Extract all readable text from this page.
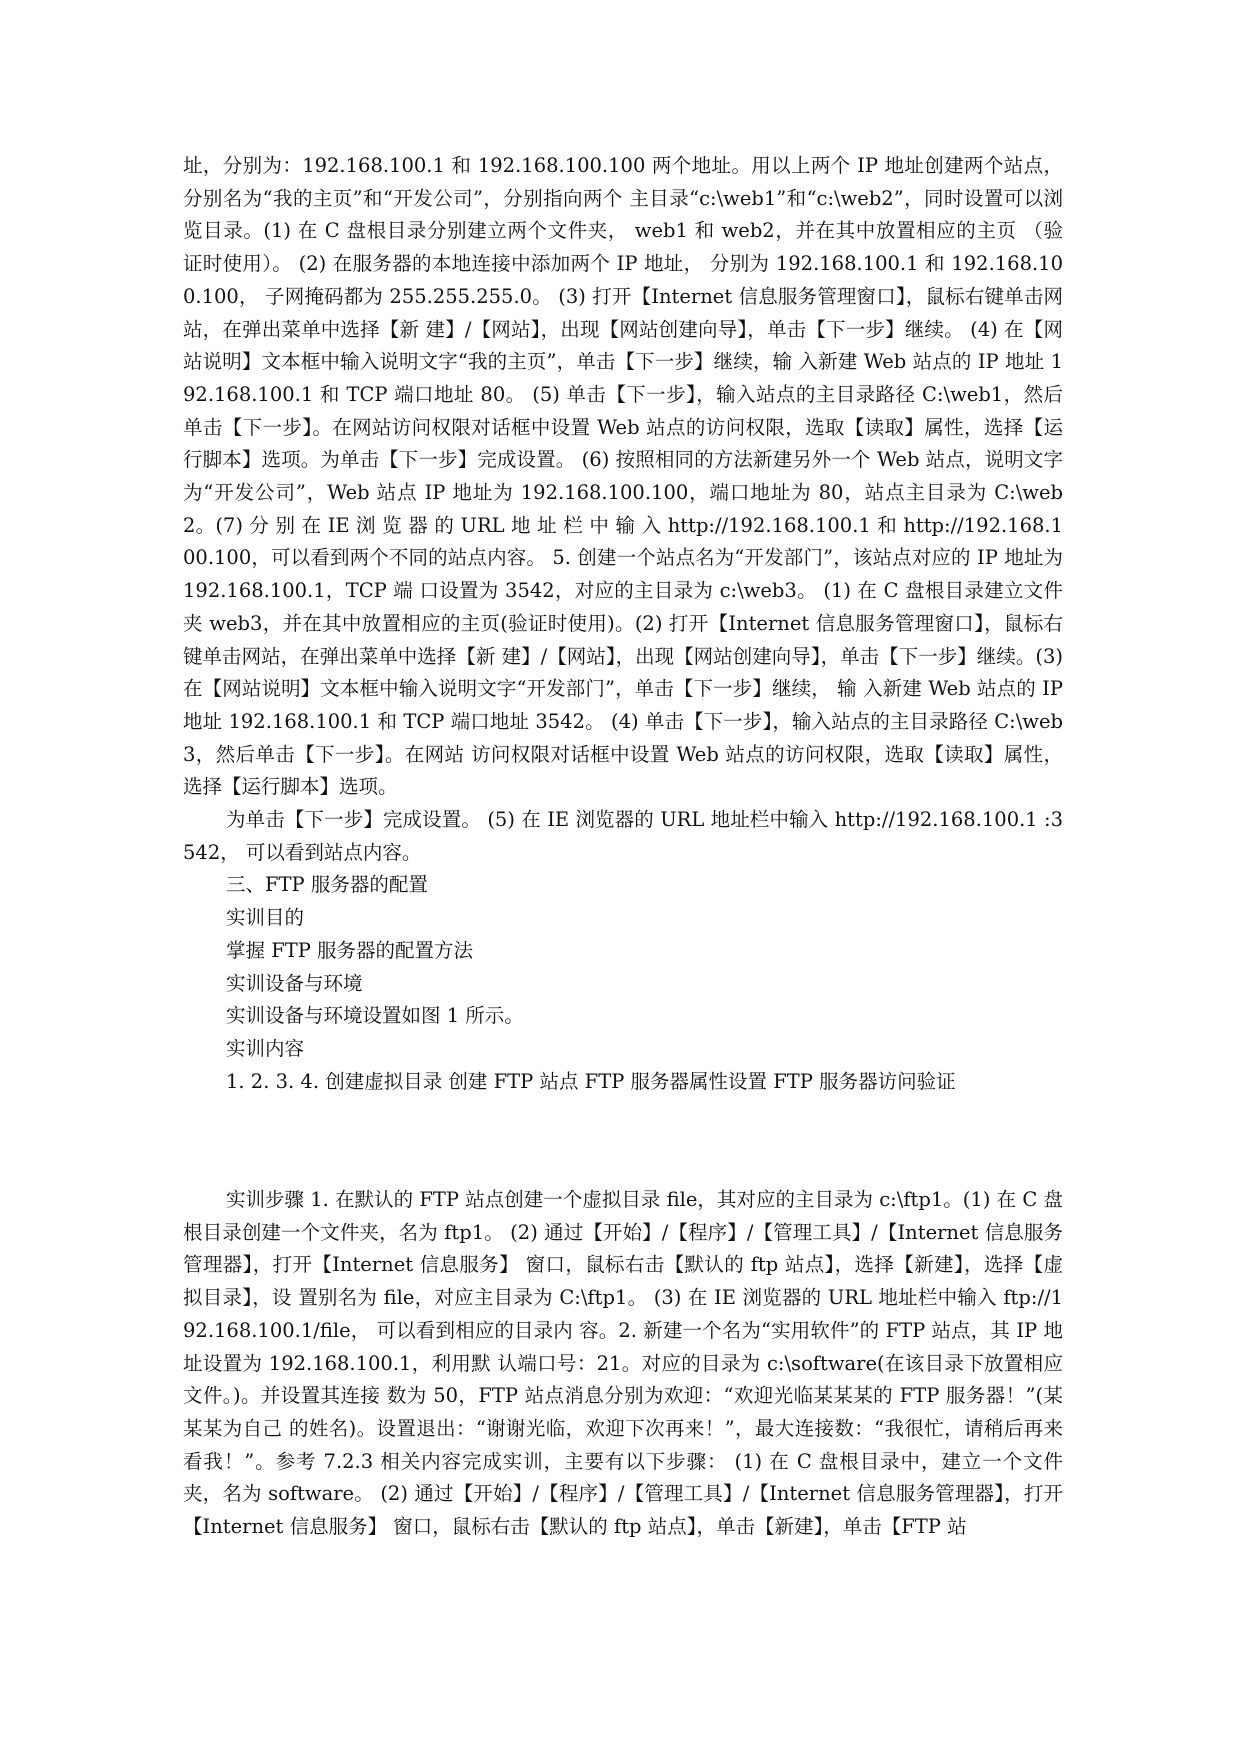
址，分别为：192.168.100.1 和 192.168.100.100 两个地址。用以上两个 IP 地址创建两个站点，分别名为“我的主页”和“开发公司”，分别指向两个 主目录“c:\web1”和“c:\web2”，同时设置可以浏览目录。(1) 在 C 盘根目录分别建立两个文件夹， web1 和 web2，并在其中放置相应的主页 （验 证时使用）。 (2) 在服务器的本地连接中添加两个 IP 地址， 分别为 192.168.100.1 和 192.168.100.100， 子网掩码都为 255.255.255.0。 (3) 打开【Internet 信息服务管理窗口】，鼠标右键单击网站，在弹出菜单中选择【新 建】/【网站】，出现【网站创建向导】，单击【下一步】继续。 (4) 在【网站说明】文本框中输入说明文字“我的主页”，单击【下一步】继续，输 入新建 Web 站点的 IP 地址 192.168.100.1 和 TCP 端口地址 80。 (5) 单击【下一步】，输入站点的主目录路径 C:\web1，然后单击【下一步】。在网站访问权限对话框中设置 Web 站点的访问权限，选取【读取】属性，选择【运行脚本】选项。为单击【下一步】完成设置。 (6) 按照相同的方法新建另外一个 Web 站点，说明文字为“开发公司”，Web 站点 IP 地址为 192.168.100.100，端口地址为 80，站点主目录为 C:\web2。(7) 分 别 在 IE 浏 览 器 的 URL 地 址 栏 中 输 入 http://192.168.100.1 和 http://192.168.100.100，可以看到两个不同的站点内容。 5. 创建一个站点名为“开发部门”，该站点对应的 IP 地址为 192.168.100.1，TCP 端 口设置为 3542，对应的主目录为 c:\web3。 (1) 在 C 盘根目录建立文件夹 web3，并在其中放置相应的主页(验证时使用)。(2) 打开【Internet 信息服务管理窗口】，鼠标右键单击网站，在弹出菜单中选择【新 建】/【网站】，出现【网站创建向导】，单击【下一步】继续。(3)在【网站说明】文本框中输入说明文字“开发部门”，单击【下一步】继续， 输 入新建 Web 站点的 IP 地址 192.168.100.1 和 TCP 端口地址 3542。 (4) 单击【下一步】，输入站点的主目录路径 C:\web3，然后单击【下一步】。在网站 访问权限对话框中设置 Web 站点的访问权限，选取【读取】属性，选择【运行脚本】选项。

为单击【下一步】完成设置。 (5) 在 IE 浏览器的 URL 地址栏中输入 http://192.168.100.1 :3542， 可以看到站点内容。

三、FTP 服务器的配置

实训目的

掌握 FTP 服务器的配置方法

实训设备与环境

实训设备与环境设置如图 1 所示。

实训内容

1. 2. 3. 4. 创建虚拟目录 创建 FTP 站点 FTP 服务器属性设置 FTP 服务器访问验证

实训步骤 1. 在默认的 FTP 站点创建一个虚拟目录 file，其对应的主目录为 c:\ftp1。(1) 在 C 盘根目录创建一个文件夹，名为 ftp1。 (2) 通过【开始】/【程序】/【管理工具】/【Internet 信息服务管理器】，打开【Internet 信息服务】 窗口，鼠标右击【默认的 ftp 站点】，选择【新建】，选择【虚拟目录】，设 置别名为 file，对应主目录为 C:\ftp1。 (3) 在 IE 浏览器的 URL 地址栏中输入 ftp://192.168.100.1/file， 可以看到相应的目录内 容。2. 新建一个名为“实用软件”的 FTP 站点，其 IP 地址设置为 192.168.100.1，利用默 认端口号：21。对应的目录为 c:\software(在该目录下放置相应文件。)。并设置其连接 数为 50，FTP 站点消息分别为欢迎：“欢迎光临某某某的 FTP 服务器！”(某某某为自己 的姓名)。设置退出：“谢谢光临，欢迎下次再来！”，最大连接数：“我很忙，请稍后再来看我！”。参考 7.2.3 相关内容完成实训，主要有以下步骤： (1) 在 C 盘根目录中，建立一个文件夹，名为 software。 (2) 通过【开始】/【程序】/【管理工具】/【Internet 信息服务管理器】，打开【Internet 信息服务】 窗口，鼠标右击【默认的 ftp 站点】，单击【新建】，单击【FTP 站
